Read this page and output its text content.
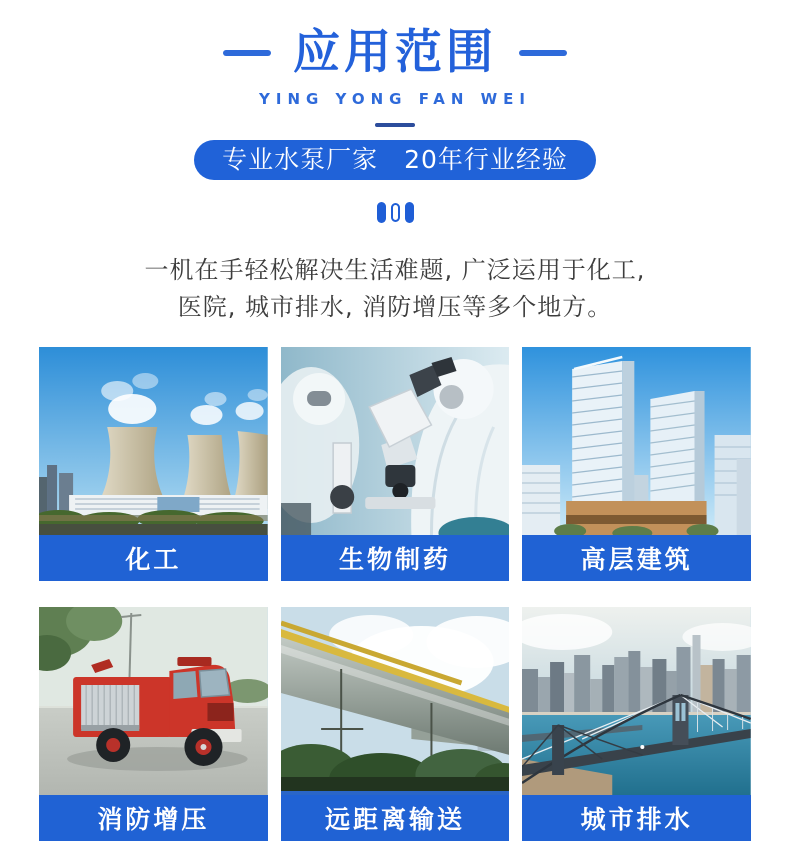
应用范围
YING YONG FAN WEI
专业水泵厂家　20年行业经验
一机在手轻松解决生活难题, 广泛运用于化工,
医院, 城市排水, 消防增压等多个地方。
化工	生物制药	高层建筑
消防增压	远距离输送	城市排水
